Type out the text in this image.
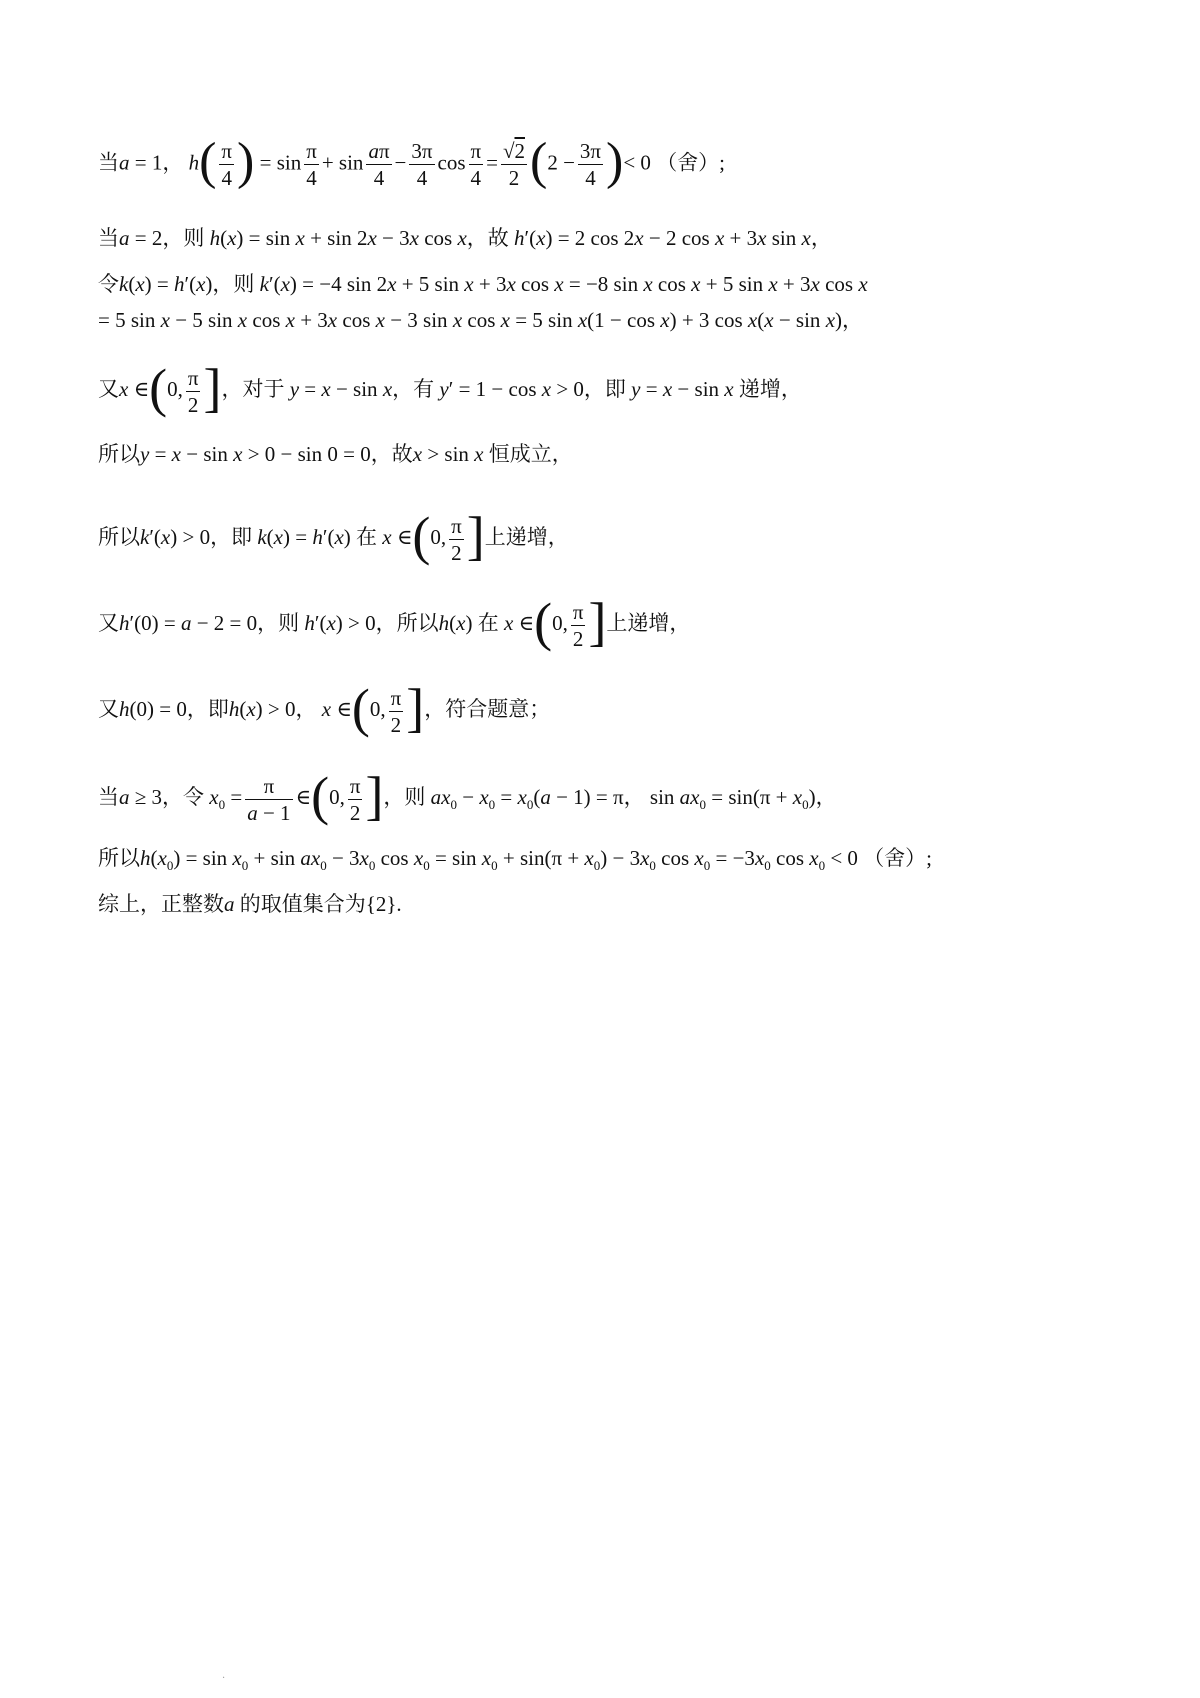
当a = 1， $h( \frac{\pi}{4}$ ) = $\sin \frac{\pi}{4} + \sin \frac{a\pi}{4} - \frac{3\pi}{4}$ $\cos \frac{\pi}{4} = \frac{√2}{2} (2 - \frac{3\pi}{4}$ )< 0 （舍）;
当a = 2，则 h(x) = sin x + sin 2x − 3x cos x，故 h′(x) = 2 cos 2x − 2 cos x + 3x sin x，
令k(x) = h′(x)，则 k′(x) = −4 sin 2x + 5 sin x + 3x cos x = −8 sin x cos x + 5 sin x + 3x cos x
= 5 sin x − 5 sin x cos x + 3x cos x − 3 sin x cos x = 5 sin x(1 − cos x) + 3 cos x(x − sin x)，
又x ∈(0, $\frac{\pi}{2}$ ]，对于 y = x − sin x，有 y′ = 1 − cos x > 0，即 y = x − sin x 递增，
所以y = x − sin x > 0 − sin 0 = 0，故x > sin x 恒成立，
所以k′(x) > 0，即 k(x) = h′(x) 在 x ∈(0, $\frac{\pi}{2}$ ]上递增，
又h′(0) = a − 2 = 0，则 h′(x) > 0，所以h(x) 在 x ∈(0, $\frac{\pi}{2}$ ]上递增，
又h(0) = 0，即h(x) > 0， x ∈(0, $\frac{\pi}{2}$ ]，符合题意；
当a ≥ 3，令 $x_0 = \frac{\pi}{a - 1}$ ∈(0, $\frac{\pi}{2}$ ]，则 $ax_0 - x_0 = x_0(a - 1) = \pi$， $\sin ax_0 = \sin(\pi + x_0)$，
所以$h(x_0) = \sin x_0 + \sin ax_0 - 3x_0$ $\cos x_0 = \sin x_0 + \sin(\pi + x_0) - 3x_0$ $\cos x_0 = -3x_0$ $\cos x_0 < 0$ （舍）;
综上，正整数a 的取值集合为{2}.
.
